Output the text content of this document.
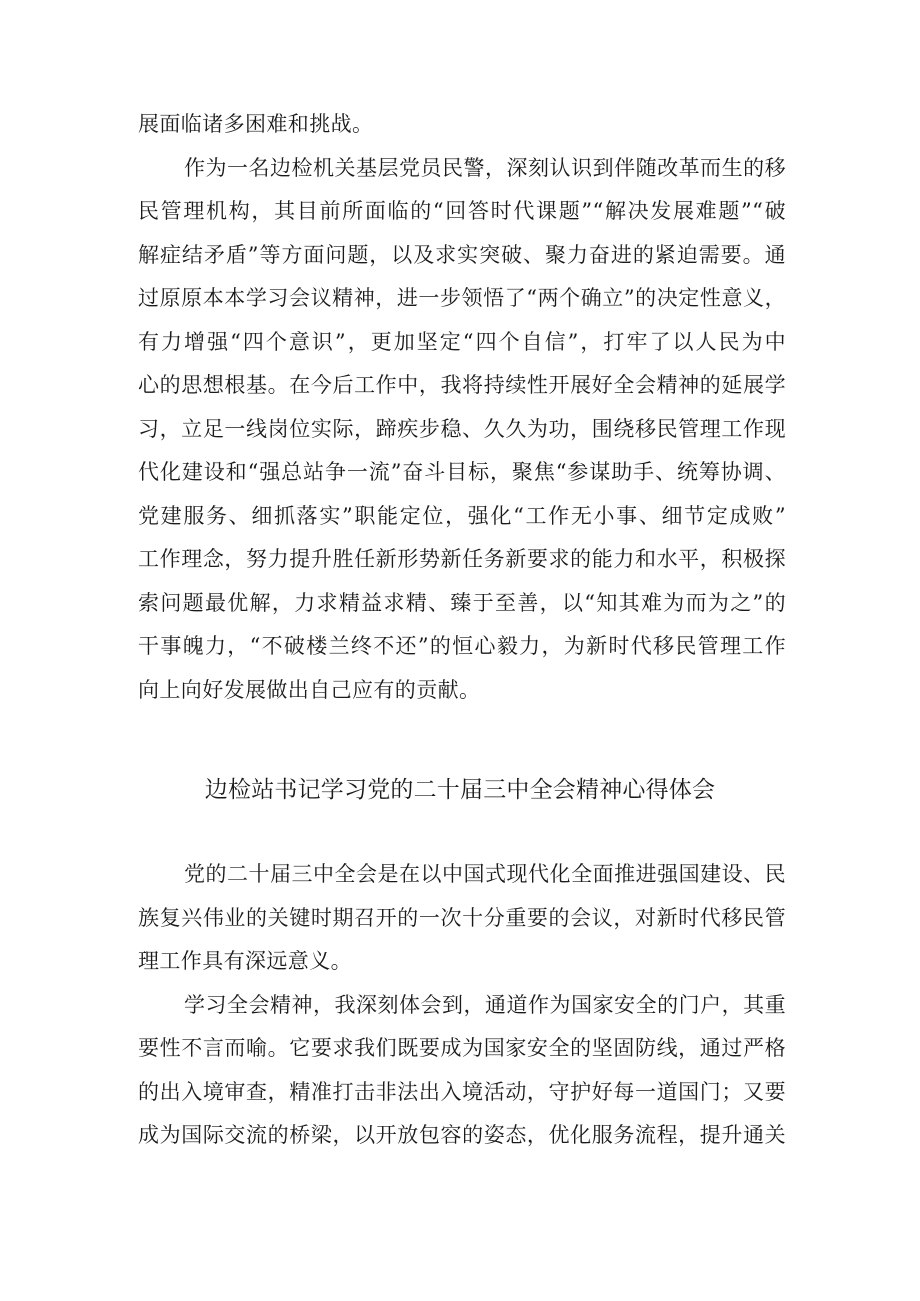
展面临诸多困难和挑战。
作为一名边检机关基层党员民警，深刻认识到伴随改革而生的移
民管理机构，其目前所面临的“回答时代课题”“解决发展难题”“破
解症结矛盾”等方面问题，以及求实突破、聚力奋进的紧迫需要。通
过原原本本学习会议精神，进一步领悟了“两个确立”的决定性意义，
有力增强“四个意识”，更加坚定“四个自信”，打牢了以人民为中
心的思想根基。在今后工作中，我将持续性开展好全会精神的延展学
习，立足一线岗位实际，蹄疾步稳、久久为功，围绕移民管理工作现
代化建设和“强总站争一流”奋斗目标，聚焦“参谋助手、统筹协调、
党建服务、细抓落实”职能定位，强化“工作无小事、细节定成败”
工作理念，努力提升胜任新形势新任务新要求的能力和水平，积极探
索问题最优解，力求精益求精、臻于至善，以“知其难为而为之”的
干事魄力，“不破楼兰终不还”的恒心毅力，为新时代移民管理工作
向上向好发展做出自己应有的贡献。
边检站书记学习党的二十届三中全会精神心得体会
党的二十届三中全会是在以中国式现代化全面推进强国建设、民
族复兴伟业的关键时期召开的一次十分重要的会议，对新时代移民管
理工作具有深远意义。
学习全会精神，我深刻体会到，通道作为国家安全的门户，其重
要性不言而喻。它要求我们既要成为国家安全的坚固防线，通过严格
的出入境审查，精准打击非法出入境活动，守护好每一道国门；又要
成为国际交流的桥梁，以开放包容的姿态，优化服务流程，提升通关
